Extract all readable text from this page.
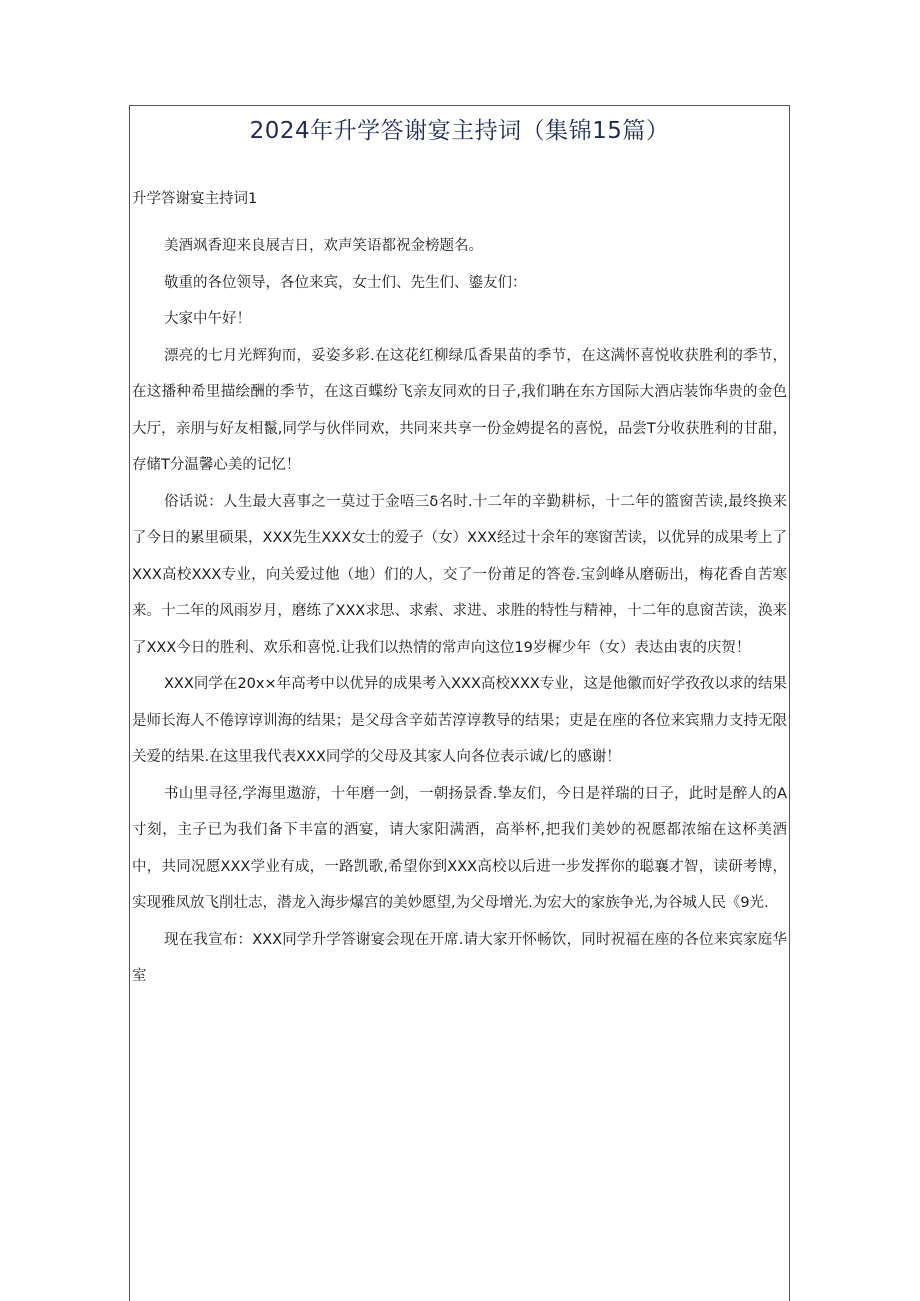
2024年升学答谢宴主持词（集锦15篇）
升学答谢宴主持词1

美酒飒香迎来良展吉日，欢声笑语都祝金榜题名。

敬重的各位领导，各位来宾，女士们、先生们、鎏友们：

大家中午好！

漂亮的七月光辉狗而，妥姿多彩.在这花红柳绿瓜香果苗的季节，在这满怀喜悦收获胜利的季节，在这播种希里描绘酬的季节，在这百蝶纷飞亲友同欢的日子,我们聃在东方国际大酒店装饰华贵的金色大厅，亲朋与好友相鬣,同学与伙伴同欢，共同来共享一份金娉提名的喜悦，品尝T分收获胜利的甘甜，存储T分温馨心美的记忆！

俗话说：人生最大喜事之一莫过于金唔三δ名时.十二年的辛勤耕标，十二年的篮窗苦读,最终换来了今日的累里硕果，XXX先生XXX女士的爱子（女）XXX经过十余年的寒窗苦读，以优异的成果考上了XXX高校XXX专业，向关爱过他（地）们的人，交了一份莆足的答卷.宝剑峰从磨砺出，梅花香自苦寒来。十二年的风雨岁月，磨练了XXX求思、求索、求进、求胜的特性与精神，十二年的息窗苦读，涣来了XXX今日的胜利、欢乐和喜悦.让我们以热情的常声向这位19岁樨少年（女）表达由衷的庆贺！

XXX同学在20x×年高考中以优异的成果考入XXX高校XXX专业，这是他徽而好学孜孜以求的结果 是师长海人不倦谆谆训海的结果；是父母含辛茹苦淳谆教导的结果；吏是在座的各位来宾鼎力支持无限关爱的结果.在这里我代表XXX同学的父母及其家人向各位表示诚/匕的感谢！

书山里寻径,学海里遨游，十年磨一剑，一朝扬景香.挚友们，今日是祥瑞的日子，此时是醉人的A寸刻，主子已为我们备下丰富的酒宴，请大家阳满酒，高举杯,把我们美妙的祝愿都浓缩在这杯美酒中，共同况愿XXX学业有成，一路凯歌,希望你到XXX高校以后进一步发挥你的聪襄才智，读研考博，实现雅凤放飞削壮志，潜龙入海步爆宫的美妙愿望,为父母增光.为宏大的家族争光,为谷城人民《9光.

现在我宣布：XXX同学升学答谢宴会现在开席.请大家开怀畅饮，同时祝福在座的各位来宾家庭华室
